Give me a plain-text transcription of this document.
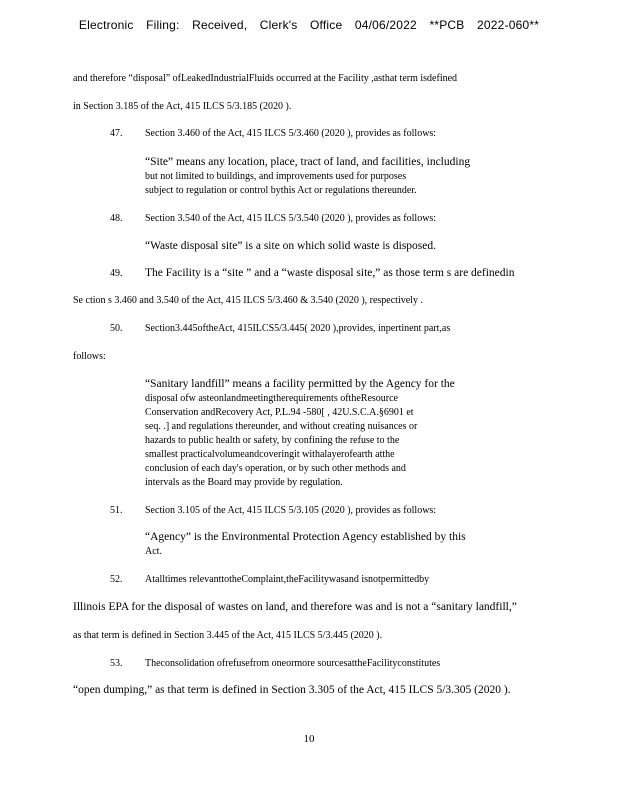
Electronic Filing: Received, Clerk's Office 04/06/2022 **PCB 2022-060**
and therefore “disposal” ofLeakedIndustrialFluids occurred at the Facility ,asthat term isdefined
in Section 3.185 of the Act, 415 ILCS 5/3.185 (2020 ).
47. Section 3.460 of the Act, 415 ILCS 5/3.460 (2020 ), provides as follows:
“Site” means any location, place, tract of land, and facilities, including
but not limited to buildings, and improvements used for purposes
subject to regulation or control bythis Act or regulations thereunder.
48. Section 3.540 of the Act, 415 ILCS 5/3.540 (2020 ), provides as follows:
“Waste disposal site” is a site on which solid waste is disposed.
49. The Facility is a “site ” and a “waste disposal site,” as those term s are definedin
Se ction s 3.460 and 3.540 of the Act, 415 ILCS 5/3.460 & 3.540 (2020 ), respectively .
50. Section3.445oftheAct, 415ILCS5/3.445( 2020 ),provides, inpertinent part,as
follows:
“Sanitary landfill” means a facility permitted by the Agency for the
disposal ofw asteonlandmeetingtherequirements oftheResource
Conservation andRecovery Act, P.L.94 -580[ , 42U.S.C.A.§6901 et
seq. .] and regulations thereunder, and without creating nuisances or
hazards to public health or safety, by confining the refuse to the
smallest practicalvolumeandcoveringit withalayerofearth atthe
conclusion of each day's operation, or by such other methods and
intervals as the Board may provide by regulation.
51. Section 3.105 of the Act, 415 ILCS 5/3.105 (2020 ), provides as follows:
“Agency” is the Environmental Protection Agency established by this
Act.
52. Atalltimes relevanttotheComplaint,theFacilitywasand isnotpermittedby
Illinois EPA for the disposal of wastes on land, and therefore was and is not a “sanitary landfill,”
as that term is defined in Section 3.445 of the Act, 415 ILCS 5/3.445 (2020 ).
53. Theconsolidation ofrefusefrom oneormore sourcesattheFacilityconstitutes
“open dumping,” as that term is defined in Section 3.305 of the Act, 415 ILCS 5/3.305 (2020 ).
10
